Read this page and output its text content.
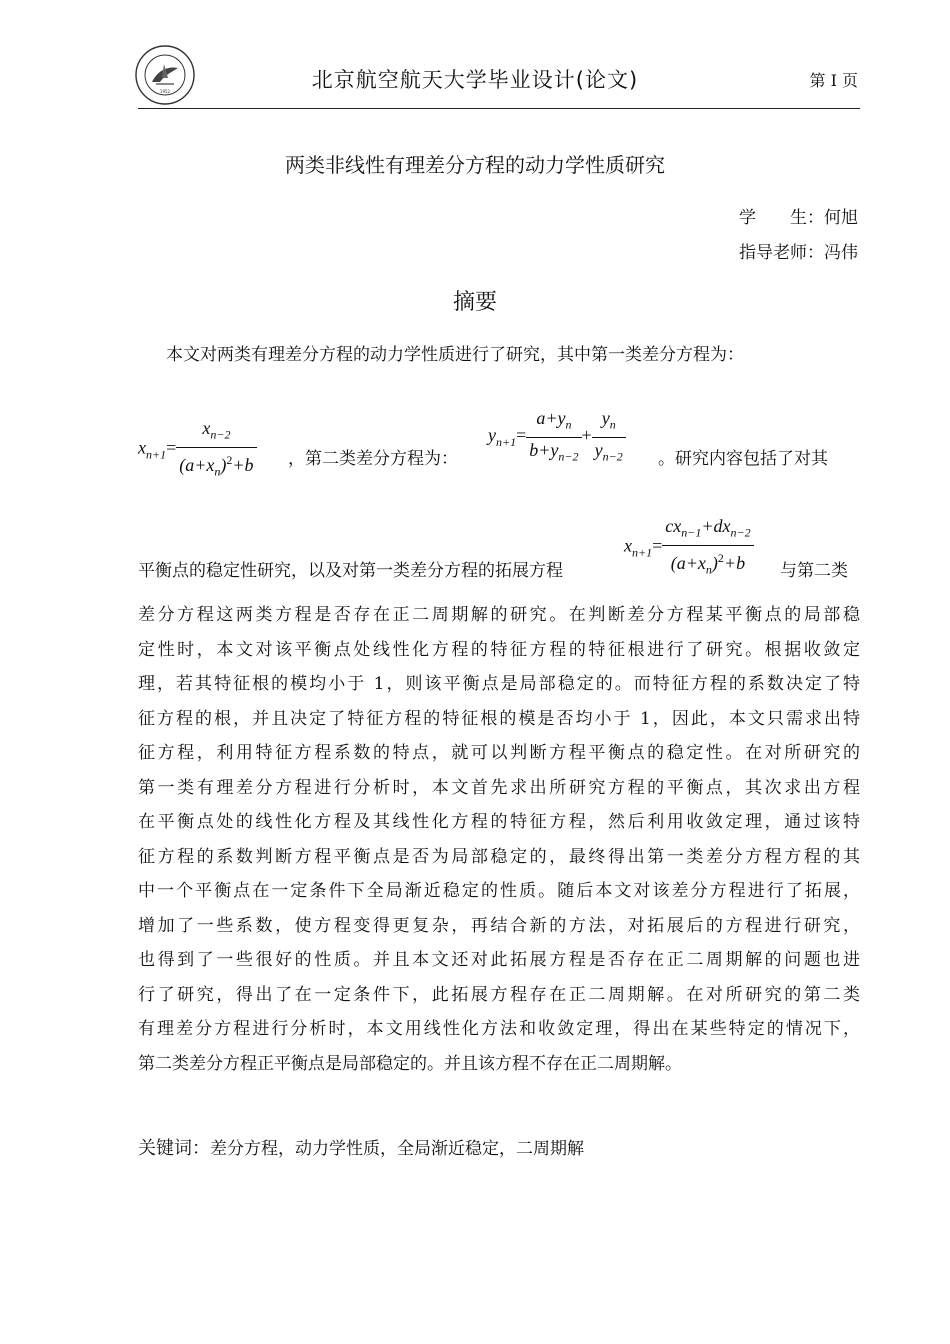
1952	北京航空航天大学毕业设计(论文)	第 I 页
两类非线性有理差分方程的动力学性质研究
学　　生：何旭
指导老师：冯伟
摘要
本文对两类有理差分方程的动力学性质进行了研究，其中第一类差分方程为：
$x_{n+1}= \frac{x_{n-2}}{(a+x_n)^2+b}$ ，第二类差分方程为：
$y_{n+1}= \frac{a+y_n}{b+y_{n-2}} + \frac{y_n}{y_{n-2}}$ 。研究内容包括了对其
平衡点的稳定性研究，以及对第一类差分方程的拓展方程
$x_{n+1}= \frac{cx_{n-1}+dx_{n-2}}{(a+x_n)^2+b}$ 与第二类
差分方程这两类方程是否存在正二周期解的研究。在判断差分方程某平衡点的局部稳
定性时，本文对该平衡点处线性化方程的特征方程的特征根进行了研究。根据收敛定
理，若其特征根的模均小于 1，则该平衡点是局部稳定的。而特征方程的系数决定了特
征方程的根，并且决定了特征方程的特征根的模是否均小于 1，因此，本文只需求出特
征方程，利用特征方程系数的特点，就可以判断方程平衡点的稳定性。在对所研究的
第一类有理差分方程进行分析时，本文首先求出所研究方程的平衡点，其次求出方程
在平衡点处的线性化方程及其线性化方程的特征方程，然后利用收敛定理，通过该特
征方程的系数判断方程平衡点是否为局部稳定的，最终得出第一类差分方程方程的其
中一个平衡点在一定条件下全局渐近稳定的性质。随后本文对该差分方程进行了拓展，
增加了一些系数，使方程变得更复杂，再结合新的方法，对拓展后的方程进行研究，
也得到了一些很好的性质。并且本文还对此拓展方程是否存在正二周期解的问题也进
行了研究，得出了在一定条件下，此拓展方程存在正二周期解。在对所研究的第二类
有理差分方程进行分析时，本文用线性化方法和收敛定理，得出在某些特定的情况下，
第二类差分方程正平衡点是局部稳定的。并且该方程不存在正二周期解。
关键词：差分方程，动力学性质，全局渐近稳定，二周期解
